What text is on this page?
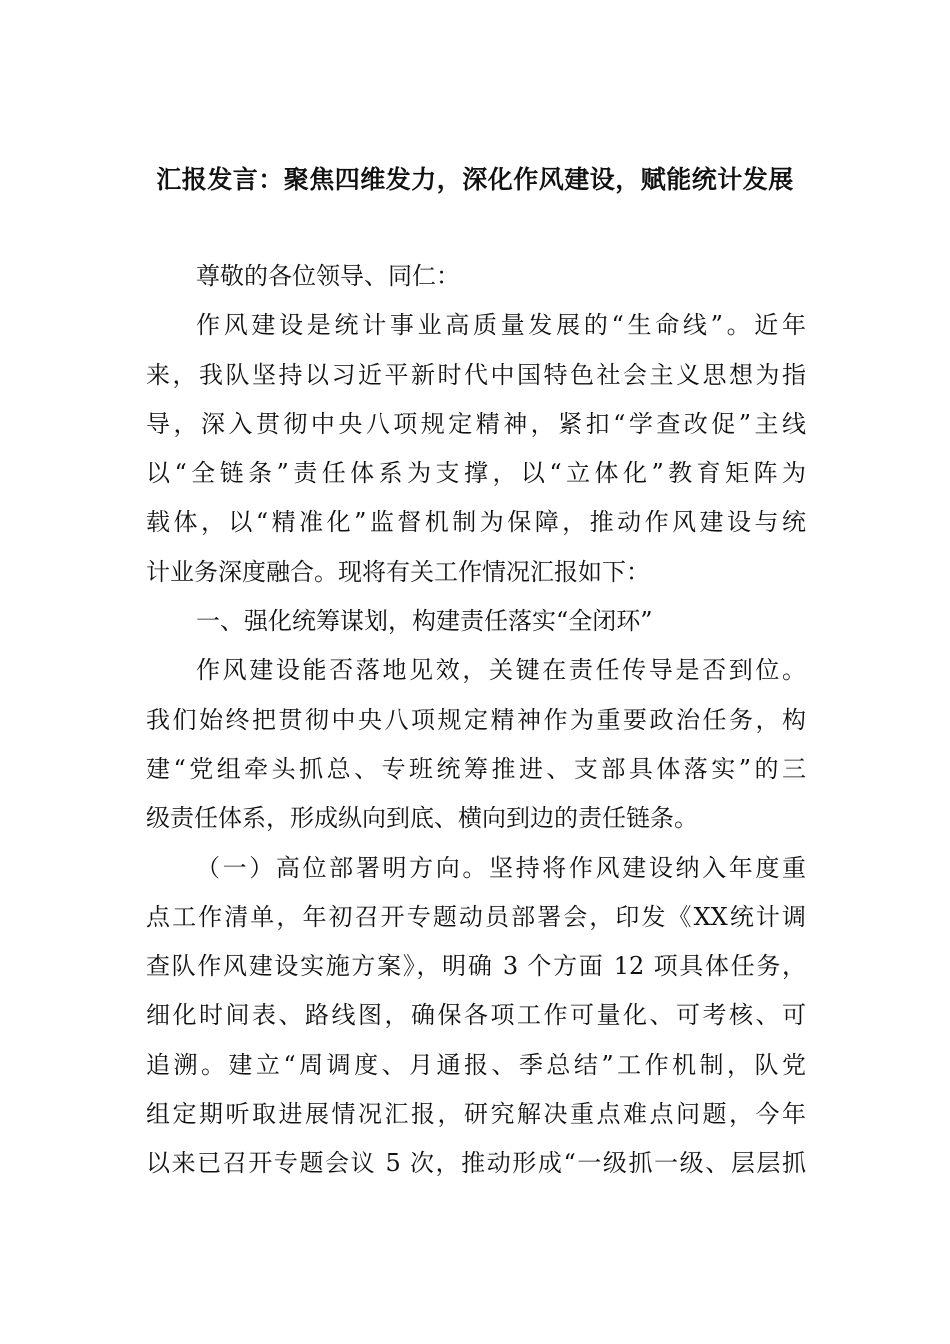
汇报发言：聚焦四维发力，深化作风建设，赋能统计发展
尊敬的各位领导、同仁：
作风建设是统计事业高质量发展的“生命线”。近年
来，我队坚持以习近平新时代中国特色社会主义思想为指
导，深入贯彻中央八项规定精神，紧扣“学查改促”主线
以“全链条”责任体系为支撑，以“立体化”教育矩阵为
载体，以“精准化”监督机制为保障，推动作风建设与统
计业务深度融合。现将有关工作情况汇报如下：
一、强化统筹谋划，构建责任落实“全闭环”
作风建设能否落地见效，关键在责任传导是否到位。
我们始终把贯彻中央八项规定精神作为重要政治任务，构
建“党组牵头抓总、专班统筹推进、支部具体落实”的三
级责任体系，形成纵向到底、横向到边的责任链条。
（一）高位部署明方向。坚持将作风建设纳入年度重
点工作清单，年初召开专题动员部署会，印发《XX统计调
查队作风建设实施方案》，明确 3 个方面 12 项具体任务，
细化时间表、路线图，确保各项工作可量化、可考核、可
追溯。建立“周调度、月通报、季总结”工作机制，队党
组定期听取进展情况汇报，研究解决重点难点问题，今年
以来已召开专题会议 5 次，推动形成“一级抓一级、层层抓
